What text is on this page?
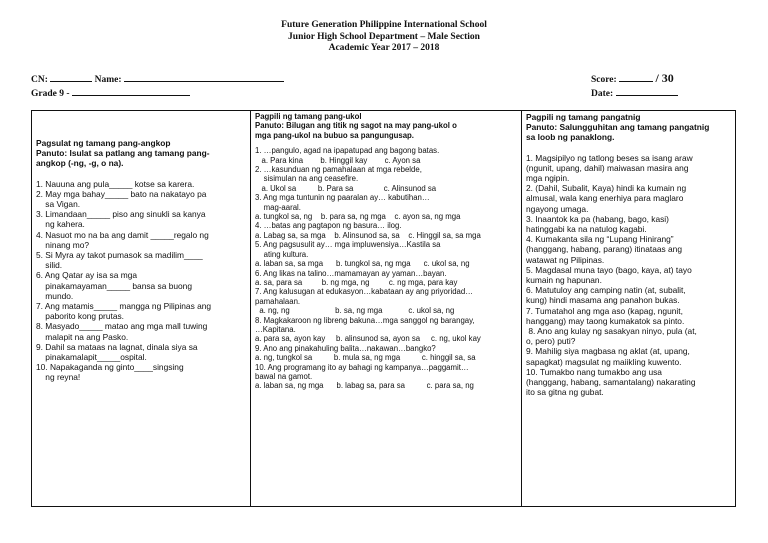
Future Generation Philippine International School
Junior High School Department – Male Section
Academic Year 2017 – 2018
CN:	Name:
Grade 9 -
Score:	/ 30
Date:
Pagsulat ng tamang pang-angkop
Panuto: Isulat sa patlang ang tamang pang-
angkop (-ng, -g, o na).
1. Nauuna ang pula_____ kotse sa karera.
2. May mga bahay_____ bato na nakatayo pa
sa Vigan.
3. Limandaan_____ piso ang sinukli sa kanya
ng kahera.
4. Nasuot mo na ba ang damit _____regalo ng
ninang mo?
5. Si Myra ay takot pumasok sa madilim____
silid.
6. Ang Qatar ay isa sa mga
pinakamayaman_____ bansa sa buong
mundo.
7. Ang matamis_____ mangga ng Pilipinas ang
paborito kong prutas.
8. Masyado_____ matao ang mga mall tuwing
malapit na ang Pasko.
9. Dahil sa mataas na lagnat, dinala siya sa
pinakamalapit_____ospital.
10. Napakaganda ng ginto____singsing
ng reyna!
Pagpili ng tamang pang-ukol
Panuto: Bilugan ang titik ng sagot na may pang-ukol o
mga pang-ukol na bubuo sa pangungusap.
1. …pangulo, agad na ipapatupad ang bagong batas.
a. Para kina        b. Hinggil kay        c. Ayon sa
2. …kasunduan ng pamahalaan at mga rebelde,
sisimulan na ang ceasefire.
a. Ukol sa          b. Para sa              c. Alinsunod sa
3. Ang mga tuntunin ng paaralan ay… kabutihan…
mag-aaral.
a. tungkol sa, ng    b. para sa, ng mga    c. ayon sa, ng mga
4. …batas ang pagtapon ng basura… ilog.
a. Labag sa, sa mga    b. Alinsunod sa, sa    c. Hinggil sa, sa mga
5. Ang pagsusulit ay… mga impluwensiya…Kastila sa
ating kultura.
a. laban sa, sa mga      b. tungkol sa, ng mga      c. ukol sa, ng
6. Ang likas na talino…mamamayan ay yaman…bayan.
a. sa, para sa         b. ng mga, ng         c. ng mga, para kay
7. Ang kalusugan at edukasyon…kabataan ay ang priyoridad…
pamahalaan.
a. ng, ng                     b. sa, ng mga            c. ukol sa, ng
8. Magkakaroon ng libreng bakuna…mga sanggol ng barangay,
…Kapitana.
a. para sa, ayon kay     b. alinsunod sa, ayon sa     c. ng, ukol kay
9. Ano ang pinakahuling balita…nakawan…bangko?
a. ng, tungkol sa          b. mula sa, ng mga          c. hinggil sa, sa
10. Ang programang ito ay bahagi ng kampanya…paggamit…
bawal na gamot.
a. laban sa, ng mga      b. labag sa, para sa          c. para sa, ng
Pagpili ng tamang pangatnig
Panuto: Salungguhitan ang tamang pangatnig
sa loob ng panaklong.
1. Magsipilyo ng tatlong beses sa isang araw
(ngunit, upang, dahil) maiwasan masira ang
mga ngipin.
2. (Dahil, Subalit, Kaya) hindi ka kumain ng
almusal, wala kang enerhiya para maglaro
ngayong umaga.
3. Inaantok ka pa (habang, bago, kasi)
hatinggabi ka na natulog kagabi.
4. Kumakanta sila ng “Lupang Hinirang”
(hanggang, habang, parang) itinataas ang
watawat ng Pilipinas.
5. Magdasal muna tayo (bago, kaya, at) tayo
kumain ng hapunan.
6. Matutuloy ang camping natin (at, subalit,
kung) hindi masama ang panahon bukas.
7. Tumatahol ang mga aso (kapag, ngunit,
hanggang) may taong kumakatok sa pinto.
8. Ano ang kulay ng sasakyan ninyo, pula (at,
o, pero) puti?
9. Mahilig siya magbasa ng aklat (at, upang,
sapagkat) magsulat ng maiikling kuwento.
10. Tumakbo nang tumakbo ang usa
(hanggang, habang, samantalang) nakarating
ito sa gitna ng gubat.
